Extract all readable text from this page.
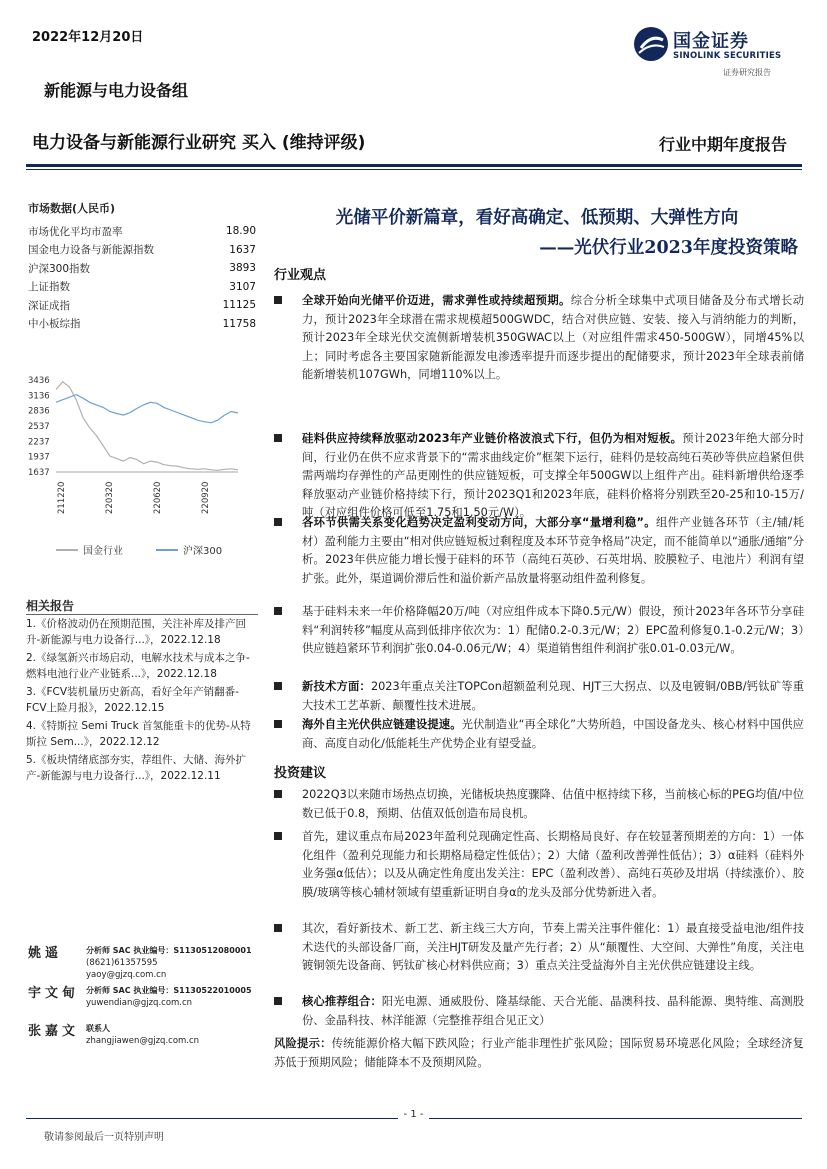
2022年12月20日	国金证券
SINOLINK SECURITIES
证券研究报告
新能源与电力设备组
电力设备与新能源行业研究 买入 (维持评级)	行业中期年度报告
市场数据(人民币)
市场优化平均市盈率	18.90
国金电力设备与新能源指数	1637
沪深300指数	3893
上证指数	3107
深证成指	11125
中小板综指	11758
3436
3136
2836
2537
2237
1937
1637
211220	220320	220620	220920
国金行业	沪深300
相关报告
1.《价格波动仍在预期范围，关注补库及排产回升-新能源与电力设备行...》，2022.12.18
2.《绿氢新兴市场启动，电解水技术与成本之争-燃料电池行业产业链系...》，2022.12.18
3.《FCV装机量历史新高，看好全年产销翻番-FCV上险月报》，2022.12.15
4.《特斯拉 Semi Truck 首氢能重卡的优势-从特斯拉 Sem...》，2022.12.12
5.《板块情绪底部夯实，荐组件、大储、海外扩产-新能源与电力设备行...》，2022.12.11
姚遥	分析师 SAC 执业编号：S1130512080001
(8621)61357595
yaoy@gjzq.com.cn
宇文甸 分析师 SAC 执业编号：S1130522010005
yuwendian@gjzq.com.cn
张嘉文 联系人
zhangjiawen@gjzq.com.cn
光储平价新篇章，看好高确定、低预期、大弹性方向
——光伏行业2023年度投资策略
行业观点
全球开始向光储平价迈进，需求弹性或持续超预期。综合分析全球集中式项目储备及分布式增长动力，预计2023年全球潜在需求规模超500GWDC，结合对供应链、安装、接入与消纳能力的判断，预计2023年全球光伏交流侧新增装机350GWAC以上（对应组件需求450-500GW），同增45%以上；同时考虑各主要国家随新能源发电渗透率提升而逐步提出的配储要求，预计2023年全球表前储能新增装机107GWh，同增110%以上。
硅料供应持续释放驱动2023年产业链价格波浪式下行，但仍为相对短板。预计2023年绝大部分时间，行业仍在供不应求背景下的“需求曲线定价”框架下运行，硅料仍是较高纯石英砂等供应趋紧但供需两端均存弹性的产品更刚性的供应链短板，可支撑全年500GW以上组件产出。硅料新增供给逐季释放驱动产业链价格持续下行，预计2023Q1和2023年底，硅料价格将分别跌至20-25和10-15万/吨（对应组件价格可低至1.75和1.50元/W）。
各环节供需关系变化趋势决定盈利变动方向，大部分享“量增利稳”。组件产业链各环节（主/辅/耗材）盈利能力主要由“相对供应链短板过剩程度及本环节竞争格局”决定，而不能简单以“通胀/通缩”分析。2023年供应能力增长慢于硅料的环节（高纯石英砂、石英坩埚、胶膜粒子、电池片）利润有望扩张。此外，渠道调价滞后性和溢价新产品放量将驱动组件盈利修复。
基于硅料未来一年价格降幅20万/吨（对应组件成本下降0.5元/W）假设，预计2023年各环节分享硅料“利润转移”幅度从高到低排序依次为：1）配储0.2-0.3元/W；2）EPC盈利修复0.1-0.2元/W；3）供应链趋紧环节利润扩张0.04-0.06元/W；4）渠道销售组件利润扩张0.01-0.03元/W。
新技术方面：2023年重点关注TOPCon超额盈利兑现、HJT三大拐点、以及电镀铜/0BB/钙钛矿等重大技术工艺革新、颠覆性技术进展。
海外自主光伏供应链建设提速。光伏制造业“再全球化”大势所趋，中国设备龙头、核心材料中国供应商、高度自动化/低能耗生产优势企业有望受益。
投资建议
2022Q3以来随市场热点切换，光储板块热度骤降、估值中枢持续下移，当前核心标的PEG均值/中位数已低于0.8，预期、估值双低创造布局良机。
首先，建议重点布局2023年盈利兑现确定性高、长期格局良好、存在较显著预期差的方向：1）一体化组件（盈利兑现能力和长期格局稳定性低估）；2）大储（盈利改善弹性低估）；3）α硅料（硅料外业务强α低估）；以及从确定性角度出发关注：EPC（盈利改善）、高纯石英砂及坩埚（持续涨价）、胶膜/玻璃等核心辅材领域有望重新证明自身α的龙头及部分优势新进入者。
其次，看好新技术、新工艺、新主线三大方向，节奏上需关注事件催化：1）最直接受益电池/组件技术迭代的头部设备厂商，关注HJT研发及量产先行者；2）从“颠覆性、大空间、大弹性”角度，关注电镀铜领先设备商、钙钛矿核心材料供应商；3）重点关注受益海外自主光伏供应链建设主线。
核心推荐组合：阳光电源、通威股份、隆基绿能、天合光能、晶澳科技、晶科能源、奥特维、高测股份、金晶科技、林洋能源（完整推荐组合见正文）
风险提示：传统能源价格大幅下跌风险；行业产能非理性扩张风险；国际贸易环境恶化风险；全球经济复苏低于预期风险；储能降本不及预期风险。
- 1 -
敬请参阅最后一页特别声明
